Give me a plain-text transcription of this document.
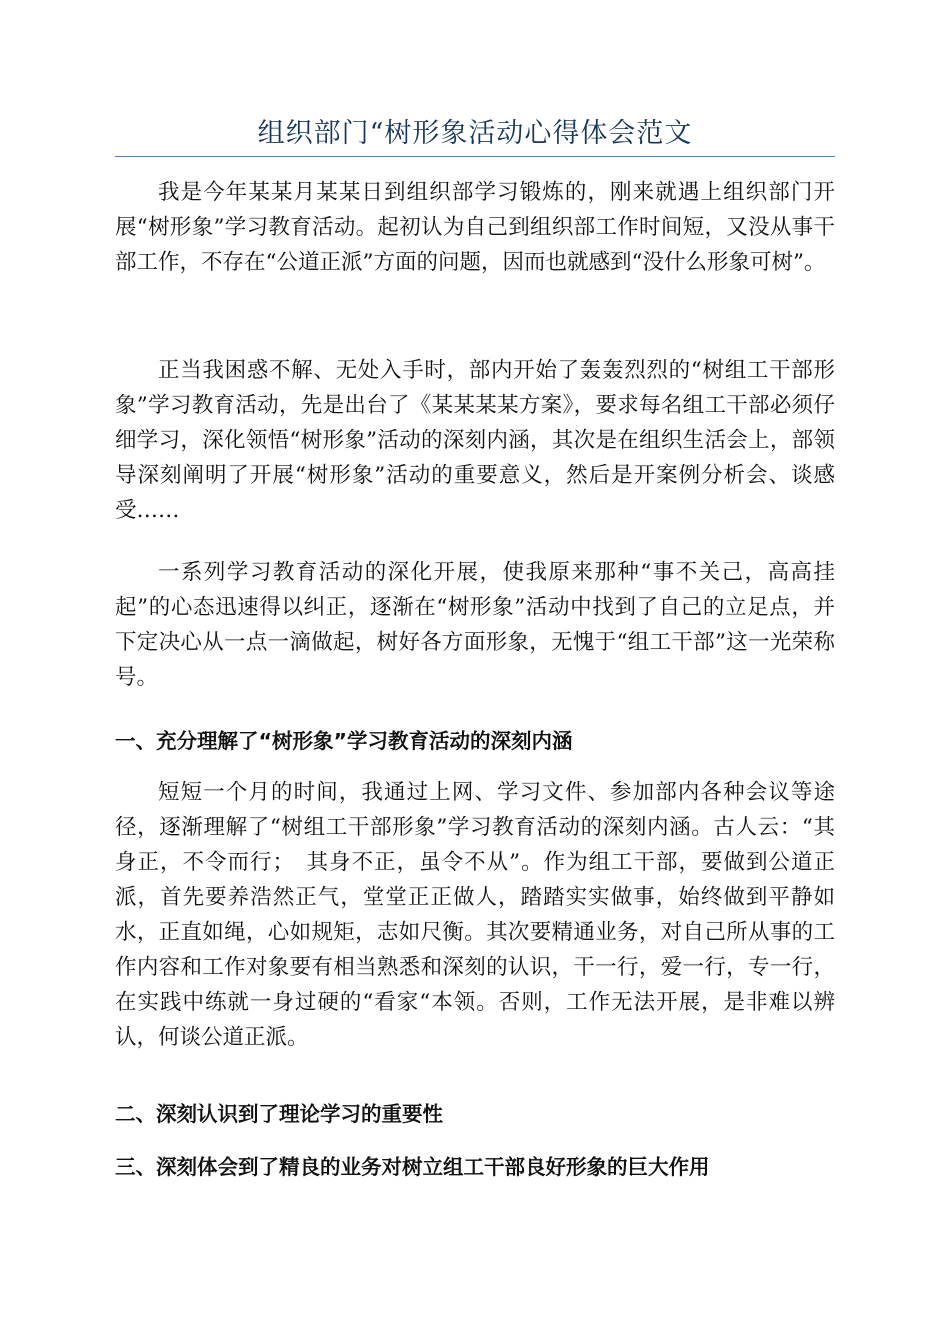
组织部门“树形象活动心得体会范文

我是今年某某月某某日到组织部学习锻炼的，刚来就遇上组织部门开展“树形象”学习教育活动。起初认为自己到组织部工作时间短，又没从事干部工作，不存在“公道正派”方面的问题，因而也就感到“没什么形象可树”。

正当我困惑不解、无处入手时，部内开始了轰轰烈烈的“树组工干部形象”学习教育活动，先是出台了《某某某某方案》，要求每名组工干部必须仔细学习，深化领悟“树形象”活动的深刻内涵，其次是在组织生活会上，部领导深刻阐明了开展“树形象”活动的重要意义，然后是开案例分析会、谈感受……

一系列学习教育活动的深化开展，使我原来那种“事不关己，高高挂起”的心态迅速得以纠正，逐渐在“树形象”活动中找到了自己的立足点，并下定决心从一点一滴做起，树好各方面形象，无愧于“组工干部”这一光荣称号。

一、充分理解了“树形象”学习教育活动的深刻内涵

短短一个月的时间，我通过上网、学习文件、参加部内各种会议等途径，逐渐理解了“树组工干部形象”学习教育活动的深刻内涵。古人云：“其身正，不令而行；　其身不正，虽令不从”。作为组工干部，要做到公道正派，首先要养浩然正气，堂堂正正做人，踏踏实实做事，始终做到平静如水，正直如绳，心如规矩，志如尺衡。其次要精通业务，对自己所从事的工作内容和工作对象要有相当熟悉和深刻的认识，干一行，爱一行，专一行，在实践中练就一身过硬的“看家“本领。否则，工作无法开展，是非难以辨认，何谈公道正派。

二、深刻认识到了理论学习的重要性
三、深刻体会到了精良的业务对树立组工干部良好形象的巨大作用
